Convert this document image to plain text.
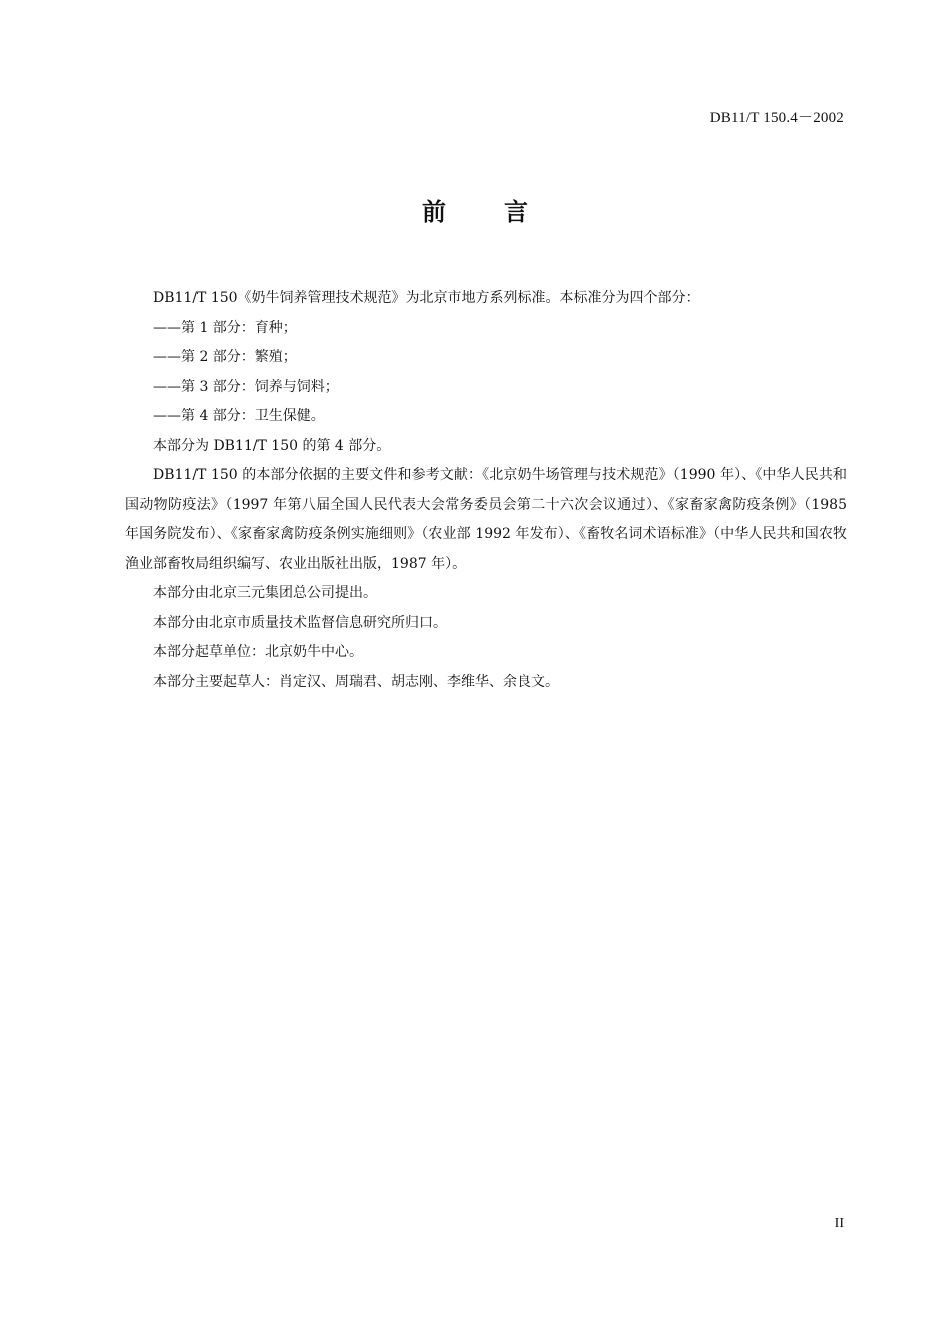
DB11/T 150.4－2002
前言

DB11/T 150《奶牛饲养管理技术规范》为北京市地方系列标准。本标准分为四个部分：

——第 1 部分：育种；

——第 2 部分：繁殖；

——第 3 部分：饲养与饲料；

——第 4 部分：卫生保健。

本部分为 DB11/T 150 的第 4 部分。

DB11/T 150 的本部分依据的主要文件和参考文献：《北京奶牛场管理与技术规范》（1990 年）、《中华人民共和国动物防疫法》（1997 年第八届全国人民代表大会常务委员会第二十六次会议通过）、《家畜家禽防疫条例》（1985 年国务院发布）、《家畜家禽防疫条例实施细则》（农业部 1992 年发布）、《畜牧名词术语标准》（中华人民共和国农牧渔业部畜牧局组织编写、农业出版社出版，1987 年）。

本部分由北京三元集团总公司提出。

本部分由北京市质量技术监督信息研究所归口。

本部分起草单位：北京奶牛中心。

本部分主要起草人：肖定汉、周瑞君、胡志刚、李维华、余良文。

II
